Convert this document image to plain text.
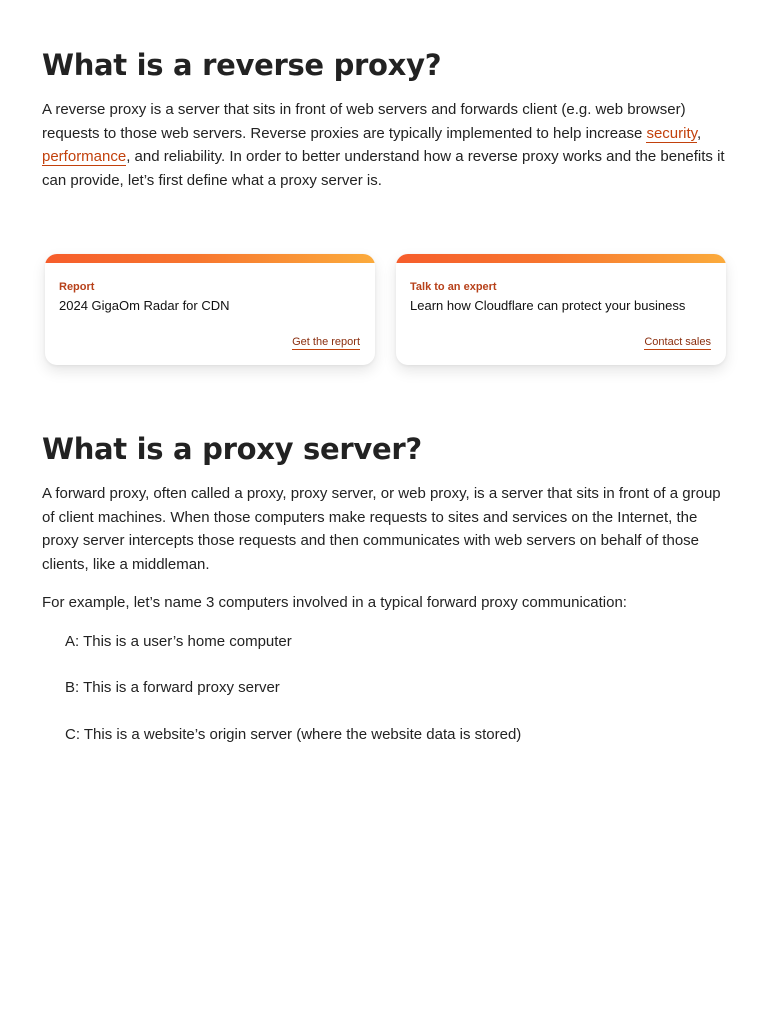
What is a reverse proxy?

A reverse proxy is a server that sits in front of web servers and forwards client (e.g. web browser) requests to those web servers. Reverse proxies are typically implemented to help increase security, performance, and reliability. In order to better understand how a reverse proxy works and the benefits it can provide, let’s first define what a proxy server is.

Report
2024 GigaOm Radar for CDN
Get the report
Talk to an expert
Learn how Cloudflare can protect your business
Contact sales
What is a proxy server?

A forward proxy, often called a proxy, proxy server, or web proxy, is a server that sits in front of a group of client machines. When those computers make requests to sites and services on the Internet, the proxy server intercepts those requests and then communicates with web servers on behalf of those clients, like a middleman.

For example, let’s name 3 computers involved in a typical forward proxy communication:

A: This is a user’s home computer

B: This is a forward proxy server

C: This is a website’s origin server (where the website data is stored)
